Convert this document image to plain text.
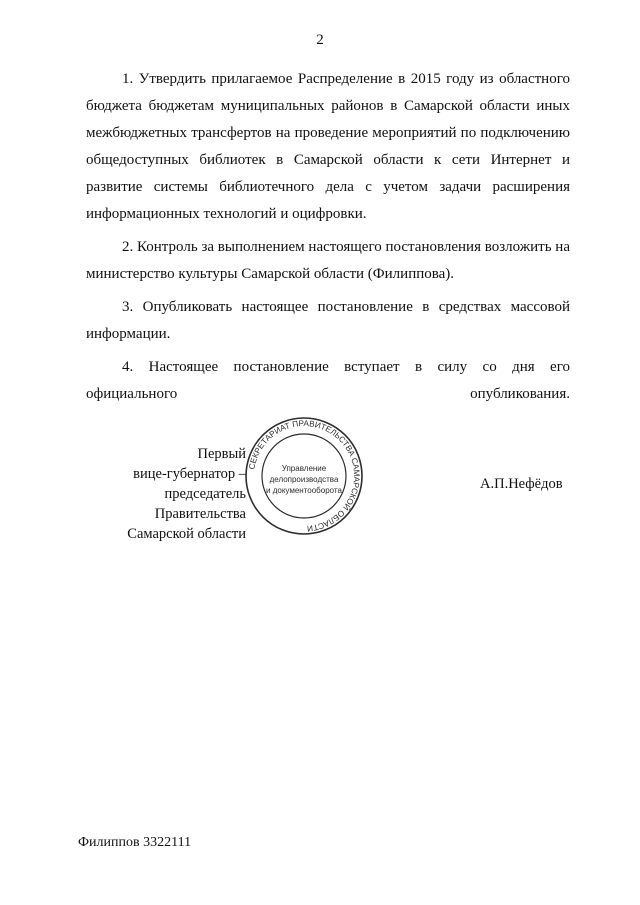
2

1. Утвердить прилагаемое Распределение в 2015 году из областного бюджета бюджетам муниципальных районов в Самарской области иных межбюджетных трансфертов на проведение мероприятий по подключению общедоступных библиотек в Самарской области к сети Интернет и развитие системы библиотечного дела с учетом задачи расширения информационных технологий и оцифровки.

2. Контроль за выполнением настоящего постановления возложить на министерство культуры Самарской области (Филиппова).

3. Опубликовать настоящее постановление в средствах массовой информации.

4. Настоящее постановление вступает в силу со дня его официального опубликования.

Первый
вице-губернатор –
председатель Правительства
Самарской области
СЕКРЕТАРИАТ ПРАВИТЕЛЬСТВА САМАРСКОЙ ОБЛАСТИ
Управление
делопроизводства
и документооборота	А.П.Нефёдов
Филиппов 3322111
